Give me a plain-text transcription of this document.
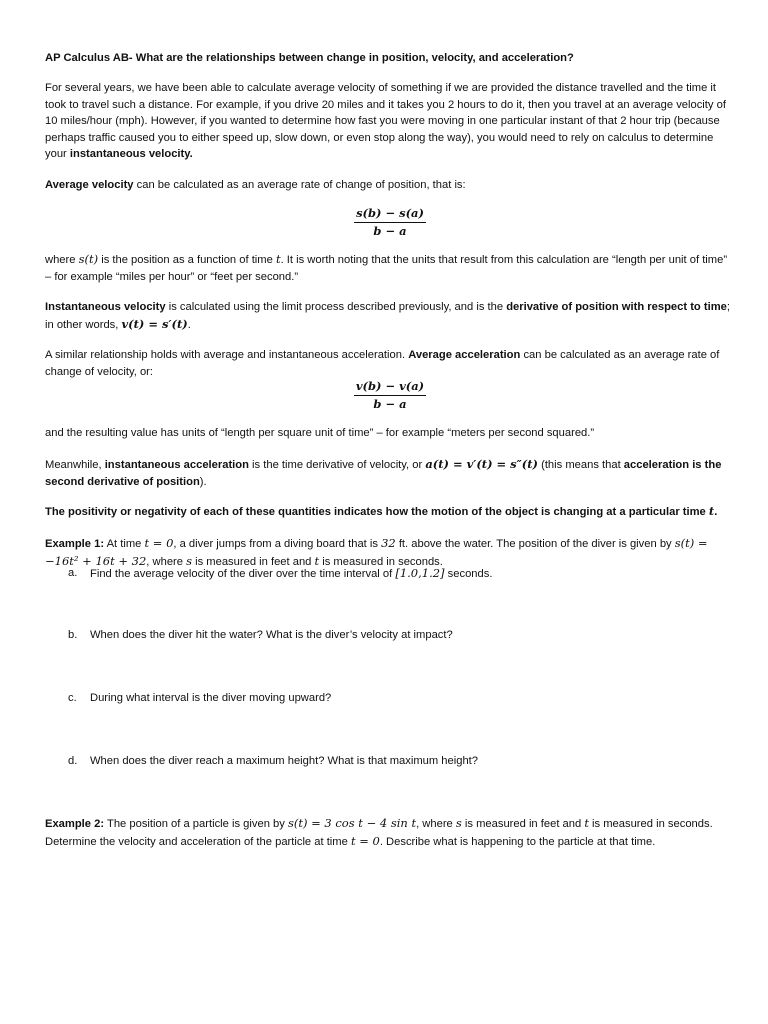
AP Calculus AB- What are the relationships between change in position, velocity, and acceleration?

For several years, we have been able to calculate average velocity of something if we are provided the distance travelled and the time it took to travel such a distance. For example, if you drive 20 miles and it takes you 2 hours to do it, then you travel at an average velocity of 10 miles/hour (mph). However, if you wanted to determine how fast you were moving in one particular instant of that 2 hour trip (because perhaps traffic caused you to either speed up, slow down, or even stop along the way), you would need to rely on calculus to determine your instantaneous velocity.

Average velocity can be calculated as an average rate of change of position, that is:

$\frac{s(b) - s(a)}{b - a}$

where s(t) is the position as a function of time t. It is worth noting that the units that result from this calculation are “length per unit of time” – for example “miles per hour” or “feet per second.”

Instantaneous velocity is calculated using the limit process described previously, and is the derivative of position with respect to time; in other words, v(t) = s′(t).

A similar relationship holds with average and instantaneous acceleration. Average acceleration can be calculated as an average rate of change of velocity, or:

$\frac{v(b) - v(a)}{b - a}$

and the resulting value has units of “length per square unit of time” – for example “meters per second squared.”

Meanwhile, instantaneous acceleration is the time derivative of velocity, or a(t) = v′(t) = s″(t) (this means that acceleration is the second derivative of position).

The positivity or negativity of each of these quantities indicates how the motion of the object is changing at a particular time t.

Example 1: At time t = 0, a diver jumps from a diving board that is 32 ft. above the water. The position of the diver is given by s(t) = −16t² + 16t + 32, where s is measured in feet and t is measured in seconds.

a. Find the average velocity of the diver over the time interval of [1.0,1.2] seconds.
b. When does the diver hit the water? What is the diver’s velocity at impact?
c. During what interval is the diver moving upward?
d. When does the diver reach a maximum height? What is that maximum height?

Example 2: The position of a particle is given by s(t) = 3 cos t − 4 sin t, where s is measured in feet and t is measured in seconds. Determine the velocity and acceleration of the particle at time t = 0. Describe what is happening to the particle at that time.
